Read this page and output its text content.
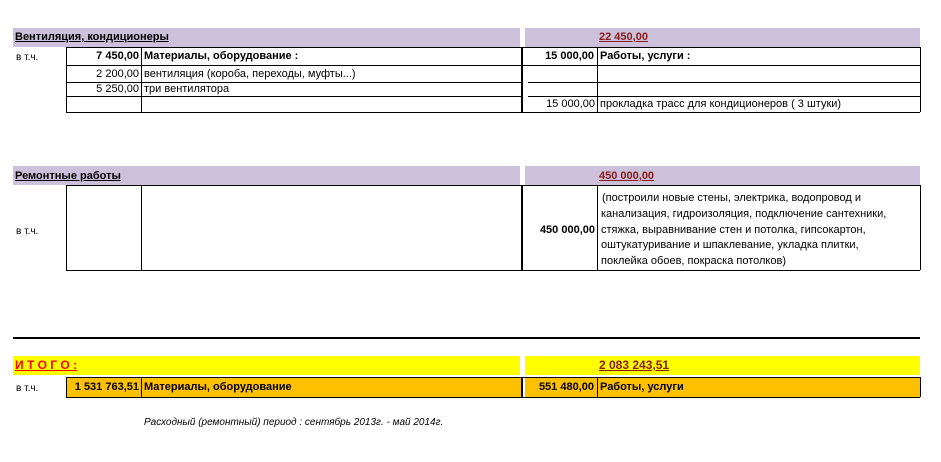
Вентиляция, кондиционеры	22 450,00
в т.ч.	7 450,00 Материалы, оборудование :	15 000,00 Работы, услуги :
2 200,00 вентиляция (короба, переходы, муфты...)
5 250,00 три вентилятора
15 000,00 прокладка трасс для кондиционеров ( 3 штуки)
Ремонтные работы	450 000,00
в т.ч.	450 000,00
(построили новые стены, электрика, водопровод и
канализация, гидроизоляция, подключение сантехники,
стяжка, выравнивание стен и потолка, гипсокартон,
оштукатуривание и шпаклевание, укладка плитки,
поклейка обоев, покраска потолков)
И Т О Г О :	2 083 243,51
в т.ч.	1 531 763,51 Материалы, оборудование	551 480,00 Работы, услуги
Расходный (ремонтный) период : сентябрь 2013г. - май 2014г.
